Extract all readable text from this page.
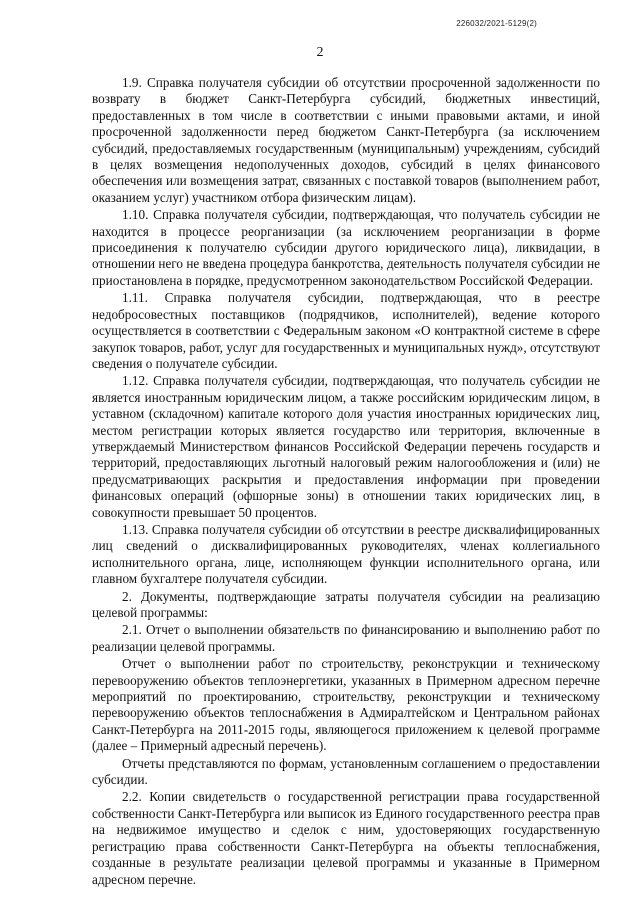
226032/2021-5129(2)
2

1.9. Справка получателя субсидии об отсутствии просроченной задолженности по возврату в бюджет Санкт-Петербурга субсидий, бюджетных инвестиций, предоставленных в том числе в соответствии с иными правовыми актами, и иной просроченной задолженности перед бюджетом Санкт-Петербурга (за исключением субсидий, предоставляемых государственным (муниципальным) учреждениям, субсидий в целях возмещения недополученных доходов, субсидий в целях финансового обеспечения или возмещения затрат, связанных с поставкой товаров (выполнением работ, оказанием услуг) участником отбора физическим лицам).

1.10. Справка получателя субсидии, подтверждающая, что получатель субсидии не находится в процессе реорганизации (за исключением реорганизации в форме присоединения к получателю субсидии другого юридического лица), ликвидации, в отношении него не введена процедура банкротства, деятельность получателя субсидии не приостановлена в порядке, предусмотренном законодательством Российской Федерации.

1.11. Справка получателя субсидии, подтверждающая, что в реестре недобросовестных поставщиков (подрядчиков, исполнителей), ведение которого осуществляется в соответствии с Федеральным законом «О контрактной системе в сфере закупок товаров, работ, услуг для государственных и муниципальных нужд», отсутствуют сведения о получателе субсидии.

1.12. Справка получателя субсидии, подтверждающая, что получатель субсидии не является иностранным юридическим лицом, а также российским юридическим лицом, в уставном (складочном) капитале которого доля участия иностранных юридических лиц, местом регистрации которых является государство или территория, включенные в утверждаемый Министерством финансов Российской Федерации перечень государств и территорий, предоставляющих льготный налоговый режим налогообложения и (или) не предусматривающих раскрытия и предоставления информации при проведении финансовых операций (офшорные зоны) в отношении таких юридических лиц, в совокупности превышает 50 процентов.

1.13. Справка получателя субсидии об отсутствии в реестре дисквалифицированных лиц сведений о дисквалифицированных руководителях, членах коллегиального исполнительного органа, лице, исполняющем функции исполнительного органа, или главном бухгалтере получателя субсидии.

2. Документы, подтверждающие затраты получателя субсидии на реализацию целевой программы:

2.1. Отчет о выполнении обязательств по финансированию и выполнению работ по реализации целевой программы.

Отчет о выполнении работ по строительству, реконструкции и техническому перевооружению объектов теплоэнергетики, указанных в Примерном адресном перечне мероприятий по проектированию, строительству, реконструкции и техническому перевооружению объектов теплоснабжения в Адмиралтейском и Центральном районах Санкт-Петербурга на 2011-2015 годы, являющегося приложением к целевой программе (далее – Примерный адресный перечень).

Отчеты представляются по формам, установленным соглашением о предоставлении субсидии.

2.2. Копии свидетельств о государственной регистрации права государственной собственности Санкт-Петербурга или выписок из Единого государственного реестра прав на недвижимое имущество и сделок с ним, удостоверяющих государственную регистрацию права собственности Санкт-Петербурга на объекты теплоснабжения, созданные в результате реализации целевой программы и указанные в Примерном адресном перечне.
